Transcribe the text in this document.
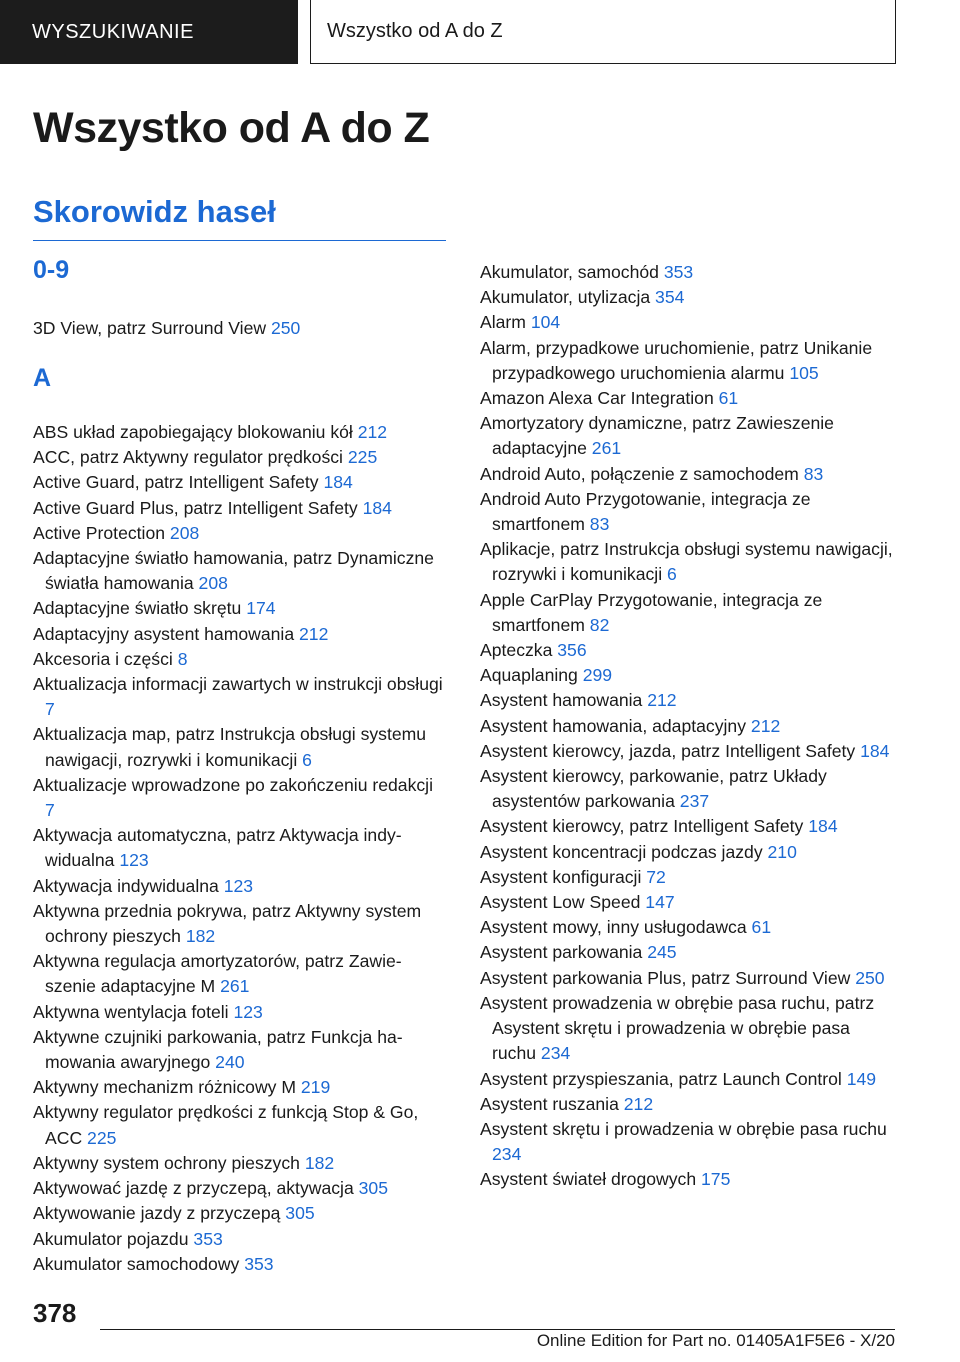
WYSZUKIWANIE	Wszystko od A do Z
Wszystko od A do Z
Skorowidz haseł
0-9

3D View, patrz Surround View 250

A

ABS układ zapobiegający blokowaniu kół 212

ACC, patrz Aktywny regulator prędkości 225

Active Guard, patrz Intelligent Safety 184

Active Guard Plus, patrz Intelligent Safety 184

Active Protection 208

Adaptacyjne światło hamowania, patrz Dynamiczne światła hamowania 208

Adaptacyjne światło skrętu 174

Adaptacyjny asystent hamowania 212

Akcesoria i części 8

Aktualizacja informacji zawartych w instrukcji obsługi 7

Aktualizacja map, patrz Instrukcja obsługi systemu nawigacji, rozrywki i komunikacji 6

Aktualizacje wprowadzone po zakończeniu redakcji 7

Aktywacja automatyczna, patrz Aktywacja indywidualna 123

Aktywacja indywidualna 123

Aktywna przednia pokrywa, patrz Aktywny system ochrony pieszych 182

Aktywna regulacja amortyzatorów, patrz Zawieszenie adaptacyjne M 261

Aktywna wentylacja foteli 123

Aktywne czujniki parkowania, patrz Funkcja hamowania awaryjnego 240

Aktywny mechanizm różnicowy M 219

Aktywny regulator prędkości z funkcją Stop & Go, ACC 225

Aktywny system ochrony pieszych 182

Aktywować jazdę z przyczepą, aktywacja 305

Aktywowanie jazdy z przyczepą 305

Akumulator pojazdu 353

Akumulator samochodowy 353

Akumulator, samochód 353

Akumulator, utylizacja 354

Alarm 104

Alarm, przypadkowe uruchomienie, patrz Unikanie przypadkowego uruchomienia alarmu 105

Amazon Alexa Car Integration 61

Amortyzatory dynamiczne, patrz Zawieszenie adaptacyjne 261

Android Auto, połączenie z samochodem 83

Android Auto Przygotowanie, integracja ze smartfonem 83

Aplikacje, patrz Instrukcja obsługi systemu nawigacji, rozrywki i komunikacji 6

Apple CarPlay Przygotowanie, integracja ze smartfonem 82

Apteczka 356

Aquaplaning 299

Asystent hamowania 212

Asystent hamowania, adaptacyjny 212

Asystent kierowcy, jazda, patrz Intelligent Safety 184

Asystent kierowcy, parkowanie, patrz Układy asystentów parkowania 237

Asystent kierowcy, patrz Intelligent Safety 184

Asystent koncentracji podczas jazdy 210

Asystent konfiguracji 72

Asystent Low Speed 147

Asystent mowy, inny usługodawca 61

Asystent parkowania 245

Asystent parkowania Plus, patrz Surround View 250

Asystent prowadzenia w obrębie pasa ruchu, patrz Asystent skrętu i prowadzenia w obrębie pasa ruchu 234

Asystent przyspieszania, patrz Launch Control 149

Asystent ruszania 212

Asystent skrętu i prowadzenia w obrębie pasa ruchu 234

Asystent świateł drogowych 175

378
Online Edition for Part no. 01405A1F5E6 - X/20
